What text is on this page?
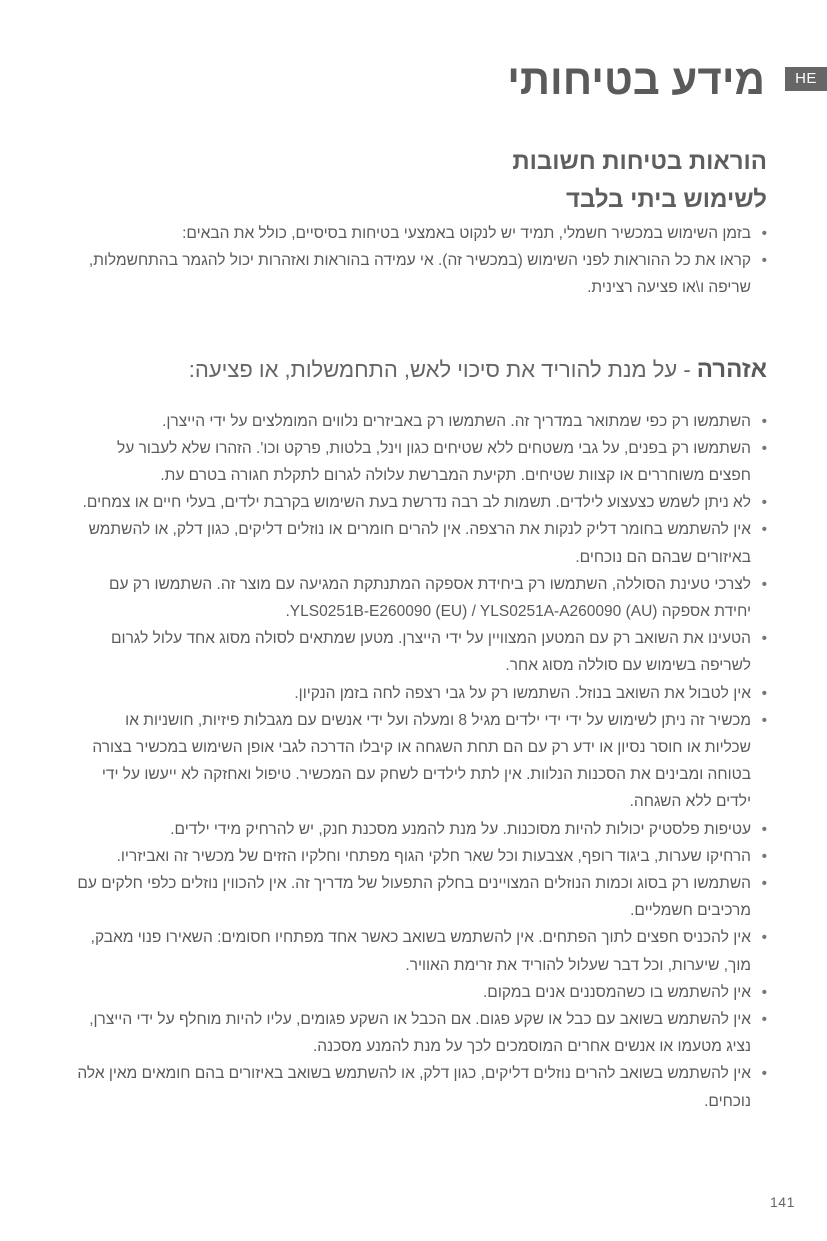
HE
מידע בטיחותי
הוראות בטיחות חשובות
לשימוש ביתי בלבד
• בזמן השימוש במכשיר חשמלי, תמיד יש לנקוט באמצעי בטיחות בסיסיים, כולל את הבאים:
• קראו את כל ההוראות לפני השימוש (במכשיר זה). אי עמידה בהוראות ואזהרות יכול להגמר בהתחשמלות, שריפה ו\או פציעה רצינית.

אזהרה - על מנת להוריד את סיכוי לאש, התחמשלות, או פציעה:

• השתמשו רק כפי שמתואר במדריך זה. השתמשו רק באביזרים נלווים המומלצים על ידי הייצרן.
• השתמשו רק בפנים, על גבי משטחים ללא שטיחים כגון וינל, בלטות, פרקט וכו'. הזהרו שלא לעבור על חפצים משוחררים או קצוות שטיחים. תקיעת המברשת עלולה לגרום לתקלת חגורה בטרם עת.
• לא ניתן לשמש כצעצוע לילדים. תשמות לב רבה נדרשת בעת השימוש בקרבת ילדים, בעלי חיים או צמחים.
• אין להשתמש בחומר דליק לנקות את הרצפה. אין להרים חומרים או נוזלים דליקים, כגון דלק, או להשתמש באיזורים שבהם הם נוכחים.
• לצרכי טעינת הסוללה, השתמשו רק ביחידת אספקה המתנתקת המגיעה עם מוצר זה. השתמשו רק עם יחידת אספקה (YLS0251B-E260090 (EU) / YLS0251A-A260090 (AU.
• הטעינו את השואב רק עם המטען המצוויין על ידי הייצרן. מטען שמתאים לסולה מסוג אחד עלול לגרום לשריפה בשימוש עם סוללה מסוג אחר.
• אין לטבול את השואב בנוזל. השתמשו רק על גבי רצפה לחה בזמן הנקיון.
• מכשיר זה ניתן לשימוש על ידי ידי ילדים מגיל 8 ומעלה ועל ידי אנשים עם מגבלות פיזיות, חושניות או שכליות או חוסר נסיון או ידע רק עם הם תחת השגחה או קיבלו הדרכה לגבי אופן השימוש במכשיר בצורה בטוחה ומבינים את הסכנות הנלוות. אין לתת לילדים לשחק עם המכשיר. טיפול ואחזקה לא ייעשו על ידי ילדים ללא השגחה.
• עטיפות פלסטיק יכולות להיות מסוכנות. על מנת להמנע מסכנת חנק, יש להרחיק מידי ילדים.
• הרחיקו שערות, ביגוד רופף, אצבעות וכל שאר חלקי הגוף מפתחי וחלקיו הזזים של מכשיר זה ואביזריו.
• השתמשו רק בסוג וכמות הנוזלים המצויינים בחלק התפעול של מדריך זה. אין להכווין נוזלים כלפי חלקים עם מרכיבים חשמליים.
• אין להכניס חפצים לתוך הפתחים. אין להשתמש בשואב כאשר אחד מפתחיו חסומים: השאירו פנוי מאבק, מוך, שיערות, וכל דבר שעלול להוריד את זרימת האוויר.
• אין להשתמש בו כשהמסננים אנים במקום.
• אין להשתמש בשואב עם כבל או שקע פגום. אם הכבל או השקע פגומים, עליו להיות מוחלף על ידי הייצרן, נציג מטעמו או אנשים אחרים המוסמכים לכך על מנת להמנע מסכנה.
• אין להשתמש בשואב להרים נוזלים דליקים, כגון דלק, או להשתמש בשואב באיזורים בהם חומאים מאין אלה נוכחים.
141
